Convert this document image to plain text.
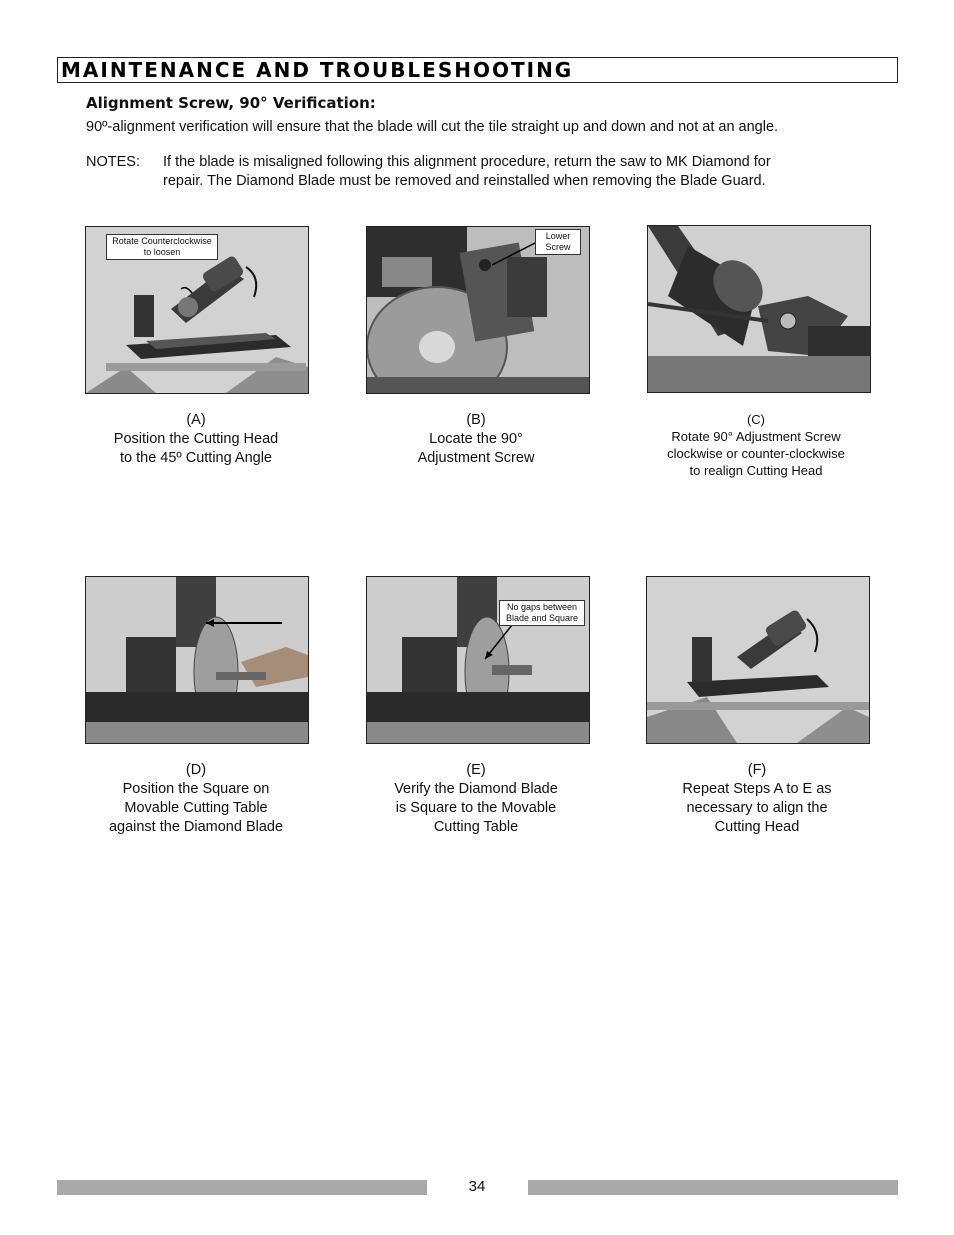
MAINTENANCE AND TROUBLESHOOTING
Alignment Screw, 90° Verification:
90º-alignment verification will ensure that the blade will cut the tile straight up and down and not at an angle.
NOTES: If the blade is misaligned following this alignment procedure, return the saw to MK Diamond for
repair. The Diamond Blade must be removed and reinstalled when removing the Blade Guard.
Rotate Counterclockwise
to loosen
(A)
Position the Cutting Head
to the 45º Cutting Angle
Lower
Screw
(B)
Locate the 90°
Adjustment Screw
(C)
Rotate 90° Adjustment Screw
clockwise or counter-clockwise
to realign Cutting Head
(D)
Position the Square on
Movable Cutting Table
against the Diamond Blade
No gaps between
Blade and Square
(E)
Verify the Diamond Blade
is Square to the Movable
Cutting Table
(F)
Repeat Steps A to E as
necessary to align the
Cutting Head
34
